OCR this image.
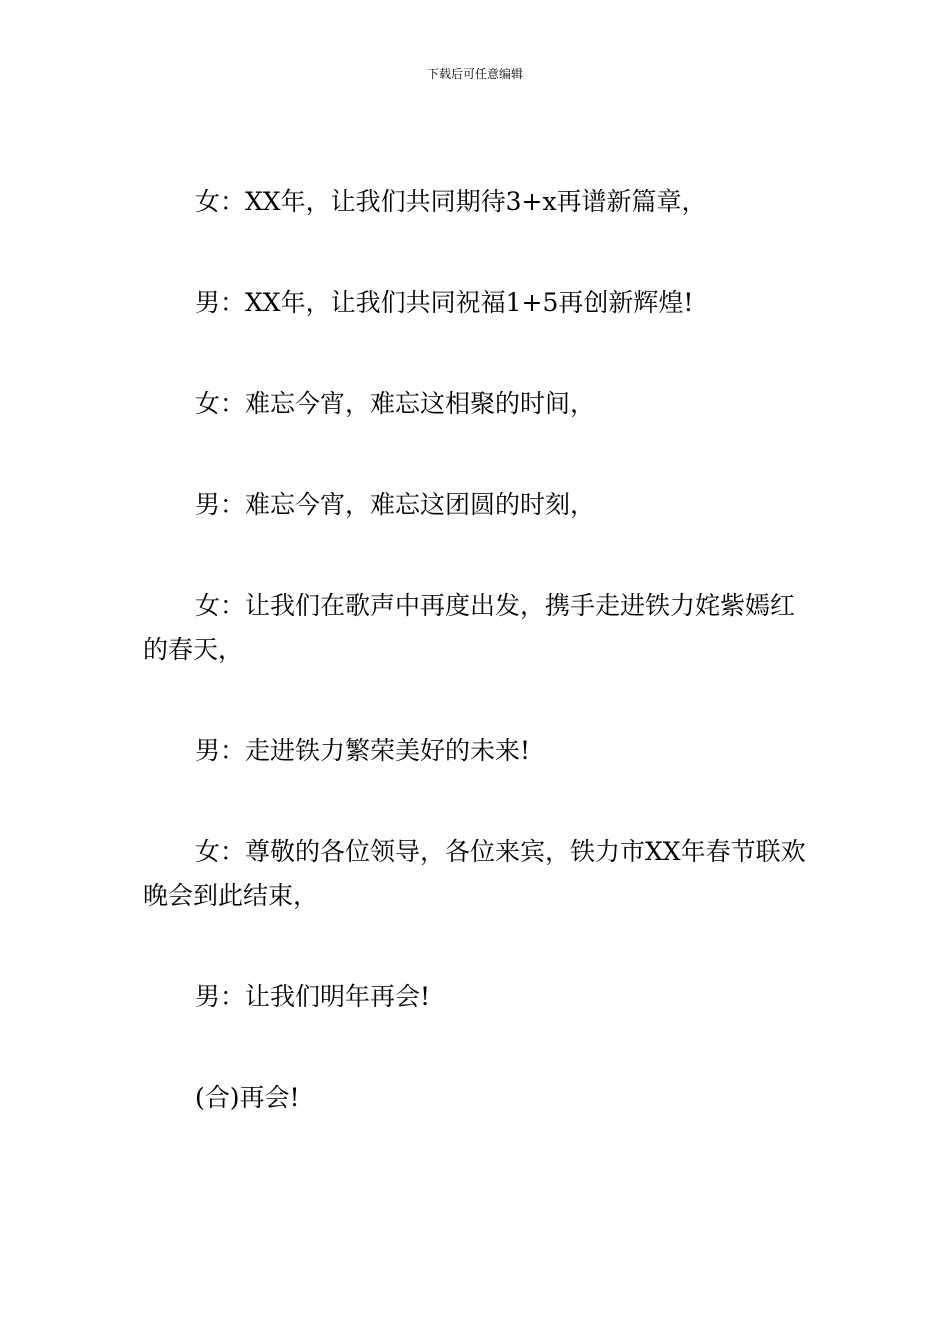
下载后可任意编辑

女：XX年，让我们共同期待3+x再谱新篇章，

男：XX年，让我们共同祝福1+5再创新辉煌!

女：难忘今宵，难忘这相聚的时间，

男：难忘今宵，难忘这团圆的时刻，

女：让我们在歌声中再度出发，携手走进铁力姹紫嫣红的春天，

男：走进铁力繁荣美好的未来!

女：尊敬的各位领导，各位来宾，铁力市XX年春节联欢晚会到此结束，

男：让我们明年再会!

(合)再会!
